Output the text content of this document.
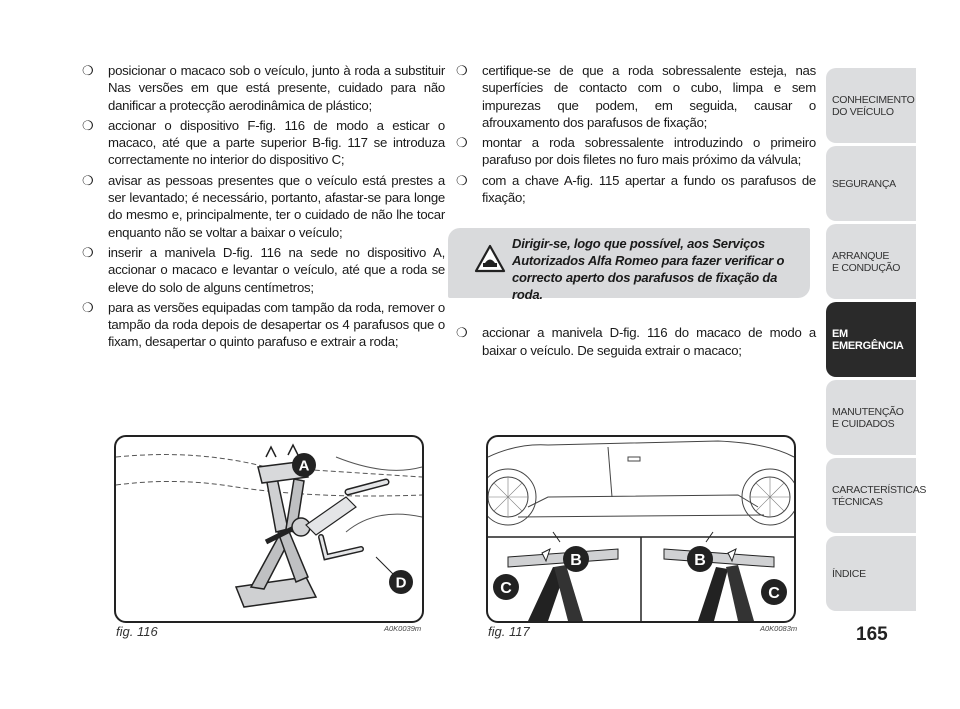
❍ posicionar o macaco sob o veículo, junto à roda a substituir Nas versões em que está presente, cuidado para não danificar a protecção aerodinâmica de plástico;
❍ accionar o dispositivo F-fig. 116 de modo a esticar o macaco, até que a parte superior B-fig. 117 se introduza correctamente no interior do dispositivo C;
❍ avisar as pessoas presentes que o veículo está prestes a ser levantado; é necessário, portanto, afastar-se para longe do mesmo e, principalmente, ter o cuidado de não lhe tocar enquanto não se voltar a baixar o veículo;
❍ inserir a manivela D-fig. 116 na sede no dispositivo A, accionar o macaco e levantar o veículo, até que a roda se eleve do solo de alguns centímetros;
❍ para as versões equipadas com tampão da roda, remover o tampão da roda depois de desapertar os 4 parafusos que o fixam, desapertar o quinto parafuso e extrair a roda;
❍ certifique-se de que a roda sobressalente esteja, nas superfícies de contacto com o cubo, limpa e sem impurezas que podem, em seguida, causar o afrouxamento dos parafusos de fixação;
❍ montar a roda sobressalente introduzindo o primeiro parafuso por dois filetes no furo mais próximo da válvula;
❍ com a chave A-fig. 115 apertar a fundo os parafusos de fixação;
Dirigir-se, logo que possível, aos Serviços Autorizados Alfa Romeo para fazer verificar o correcto aperto dos parafusos de fixação da roda.
❍ accionar a manivela D-fig. 116 do macaco de modo a baixar o veículo. De seguida extrair o macaco;
CONHECIMENTO
DO VEÍCULO
SEGURANÇA
ARRANQUE
E CONDUÇÃO
EM EMERGÊNCIA
MANUTENÇÃO
E CUIDADOS
CARACTERÍSTICAS
TÉCNICAS
ÍNDICE
165
A
D
fig. 116	A0K0039m
B
C
B
C
fig. 117	A0K0083m
